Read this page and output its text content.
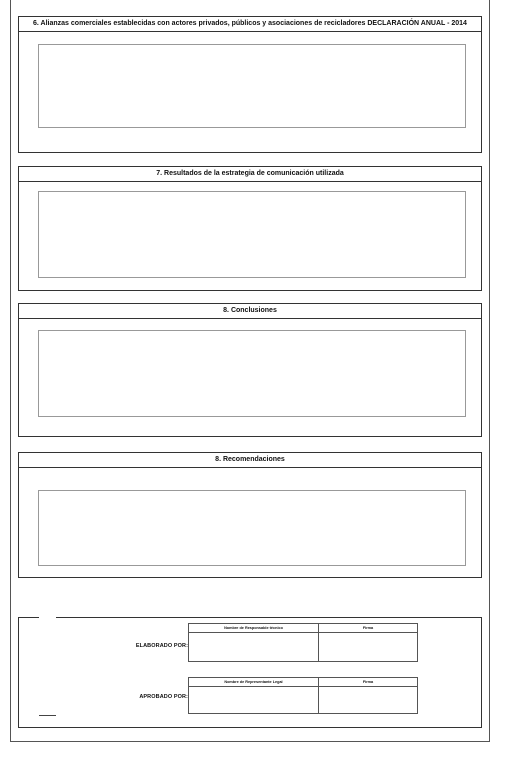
6. Alianzas comerciales establecidas con actores privados, públicos y asociaciones de recicladores DECLARACIÓN ANUAL - 2014
7. Resultados de la estrategia de comunicación utilizada
8. Conclusiones
8. Recomendaciones
ELABORADO POR:
Nombre de Responsable técnico	Firma

APROBADO POR:
Nombre de Representante Legal	Firma
